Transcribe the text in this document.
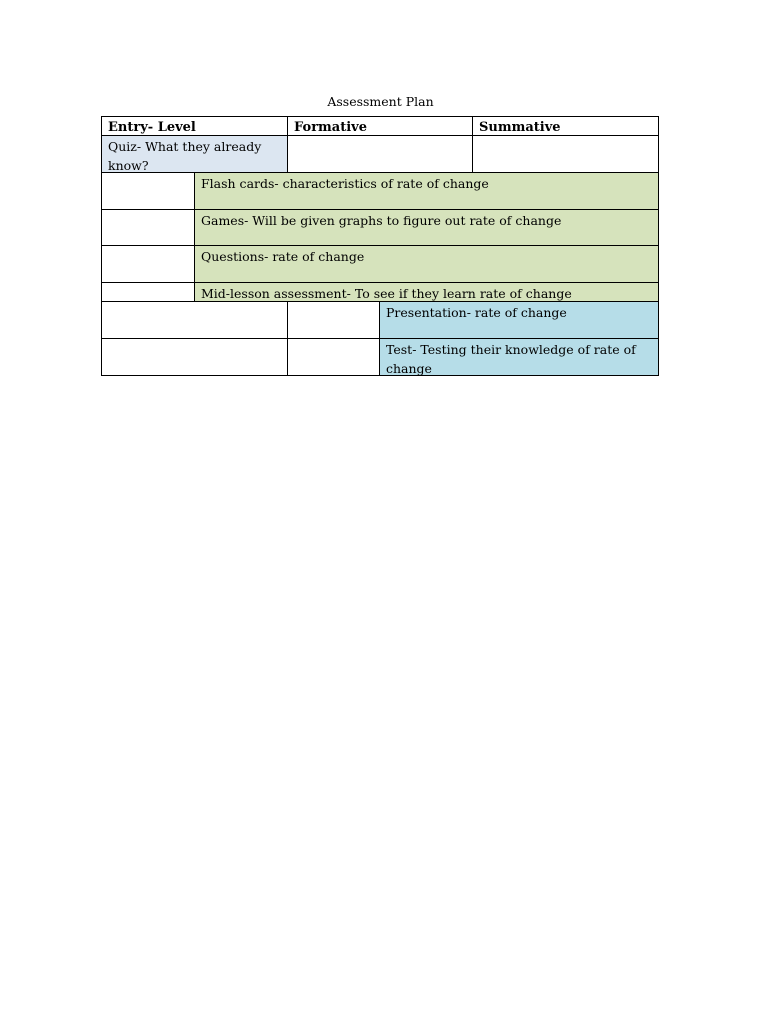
Assessment Plan
Entry- Level	Formative	Summative
Quiz- What they already know?
Flash cards- characteristics of rate of change
Games- Will be given graphs to figure out rate of change
Questions- rate of change
Mid-lesson assessment- To see if they learn rate of change
Presentation- rate of change
Test- Testing their knowledge of rate of change
